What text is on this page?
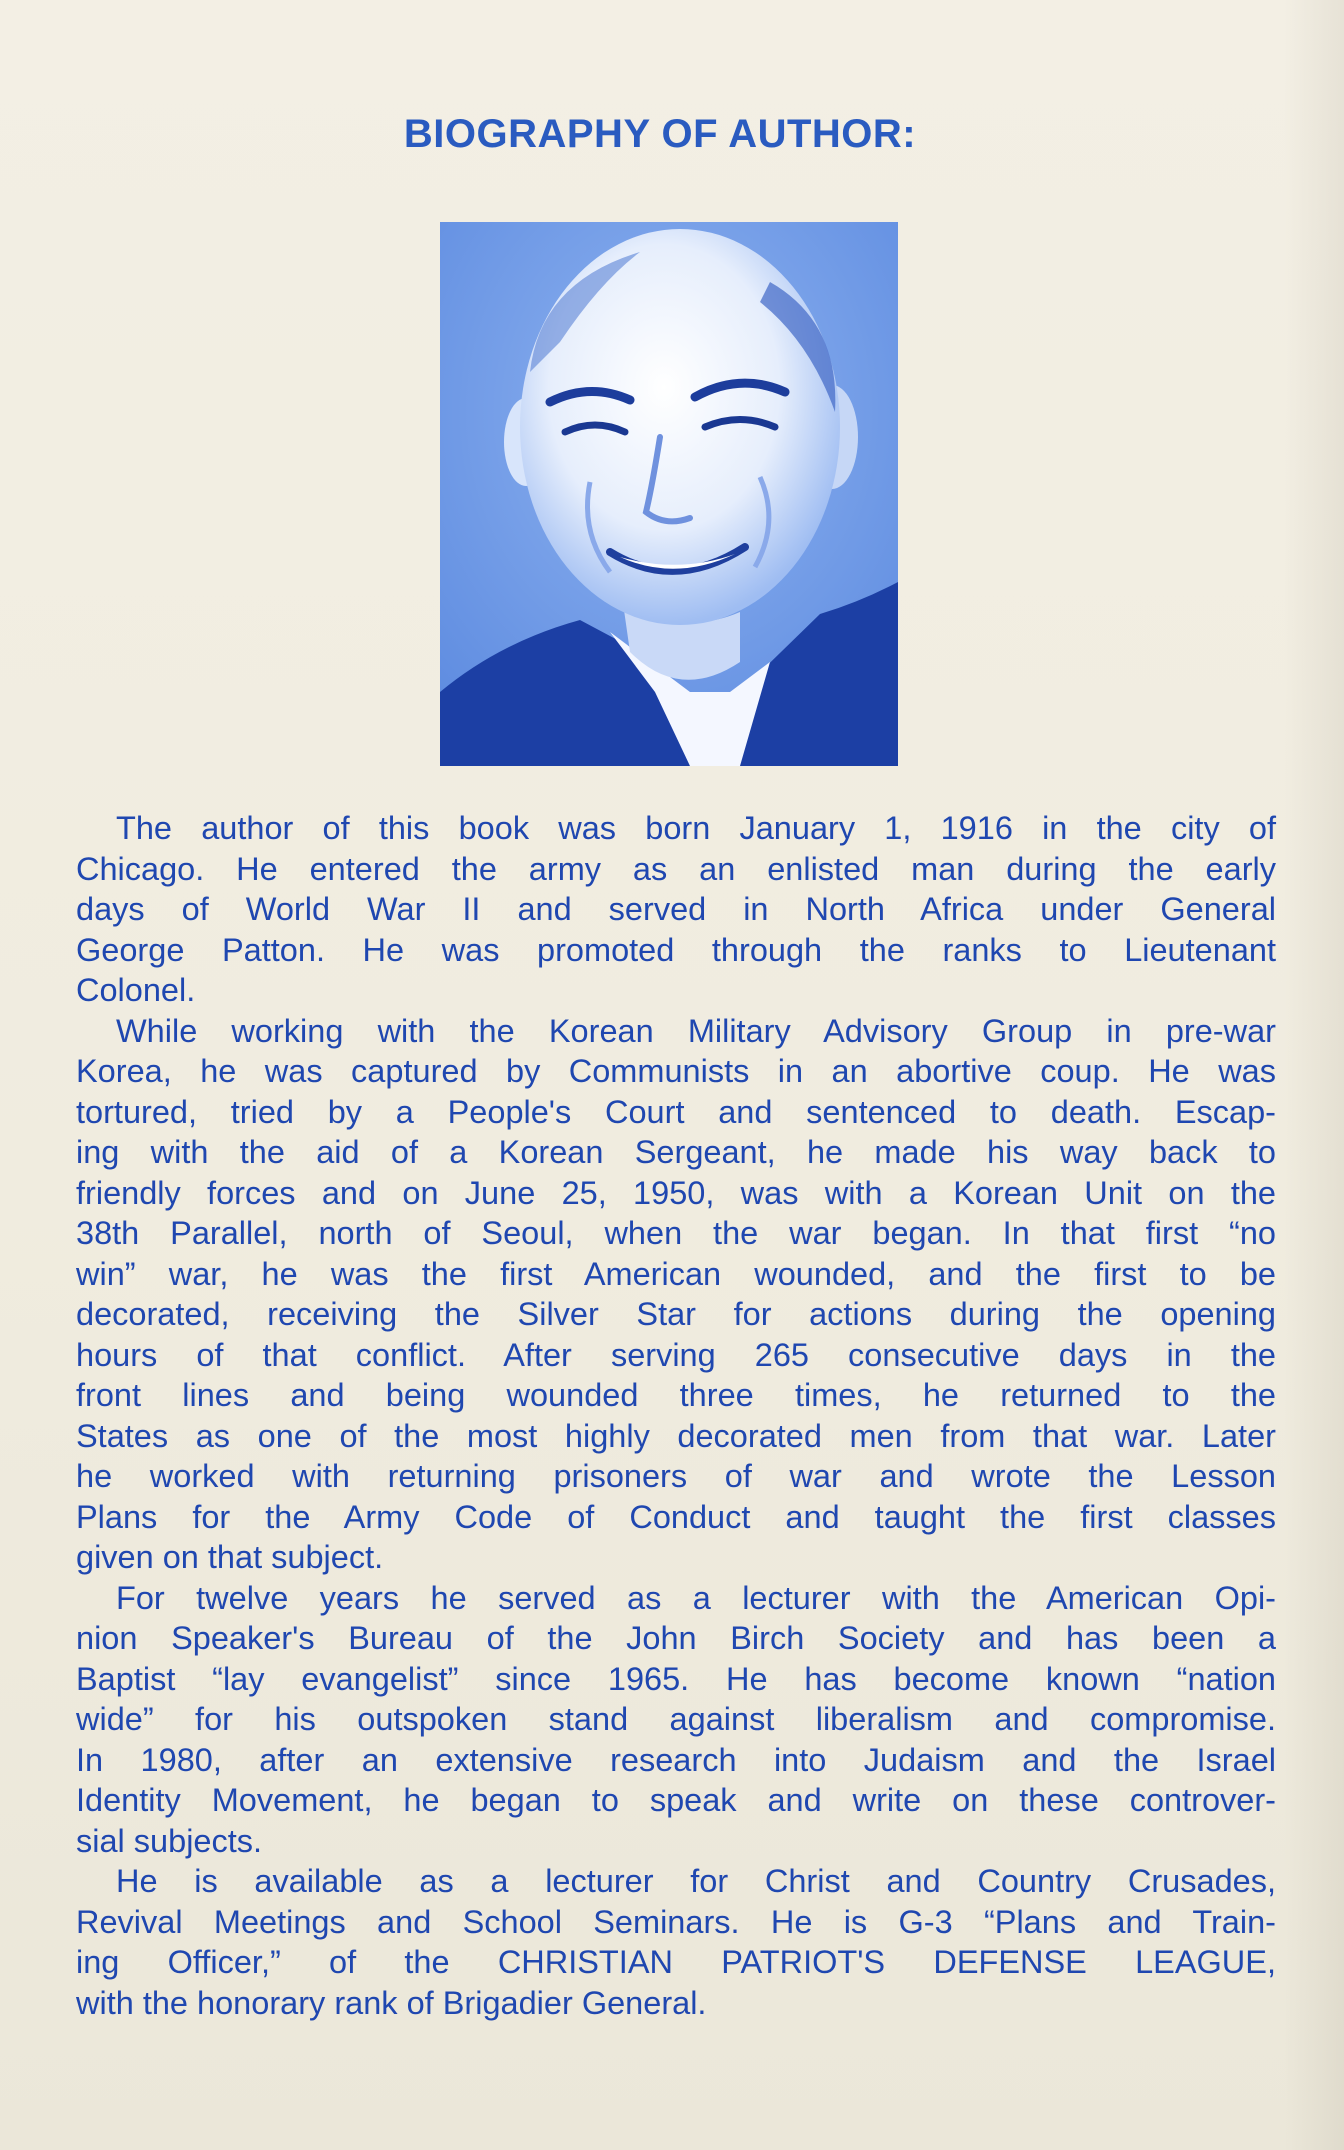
BIOGRAPHY OF AUTHOR:
The author of this book was born January 1, 1916 in the city of
Chicago. He entered the army as an enlisted man during the early
days of World War II and served in North Africa under General
George Patton. He was promoted through the ranks to Lieutenant
Colonel.
While working with the Korean Military Advisory Group in pre-war
Korea, he was captured by Communists in an abortive coup. He was
tortured, tried by a People's Court and sentenced to death. Escap-
ing with the aid of a Korean Sergeant, he made his way back to
friendly forces and on June 25, 1950, was with a Korean Unit on the
38th Parallel, north of Seoul, when the war began. In that first “no
win” war, he was the first American wounded, and the first to be
decorated, receiving the Silver Star for actions during the opening
hours of that conflict. After serving 265 consecutive days in the
front lines and being wounded three times, he returned to the
States as one of the most highly decorated men from that war. Later
he worked with returning prisoners of war and wrote the Lesson
Plans for the Army Code of Conduct and taught the first classes
given on that subject.
For twelve years he served as a lecturer with the American Opi-
nion Speaker's Bureau of the John Birch Society and has been a
Baptist “lay evangelist” since 1965. He has become known “nation
wide” for his outspoken stand against liberalism and compromise.
In 1980, after an extensive research into Judaism and the Israel
Identity Movement, he began to speak and write on these controver-
sial subjects.
He is available as a lecturer for Christ and Country Crusades,
Revival Meetings and School Seminars. He is G-3 “Plans and Train-
ing Officer,” of the CHRISTIAN PATRIOT'S DEFENSE LEAGUE,
with the honorary rank of Brigadier General.
